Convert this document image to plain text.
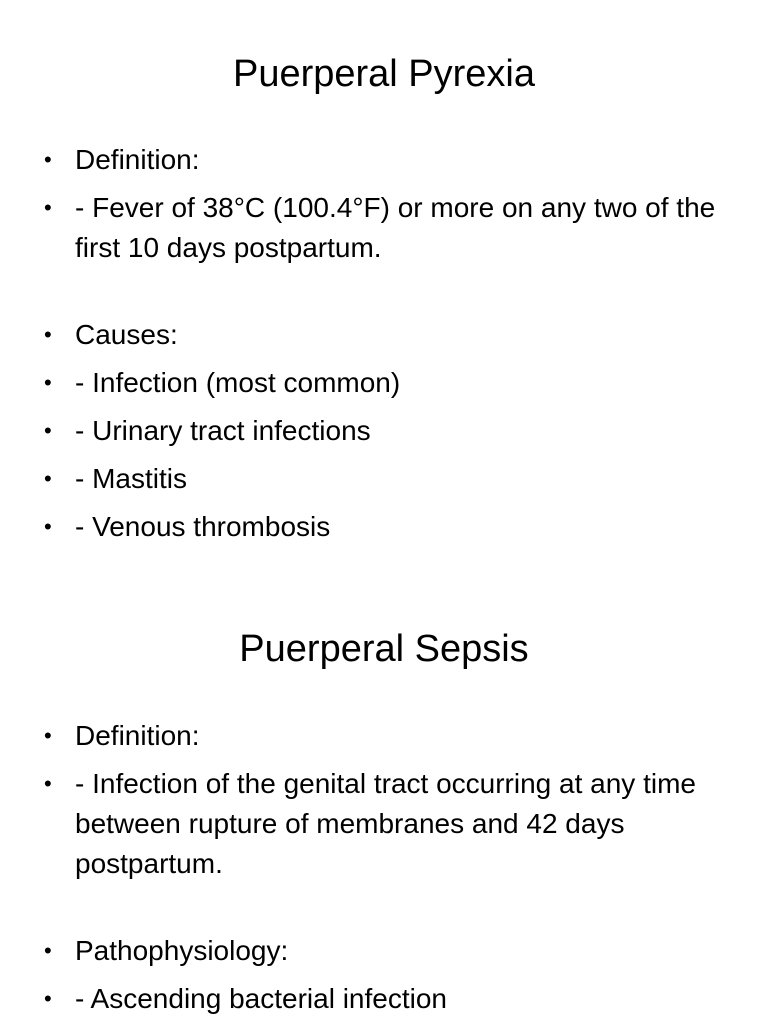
Puerperal Pyrexia
• Definition:
• - Fever of 38°C (100.4°F) or more on any two of the first 10 days postpartum.
• Causes:
• - Infection (most common)
• - Urinary tract infections
• - Mastitis
• - Venous thrombosis
Puerperal Sepsis
• Definition:
• - Infection of the genital tract occurring at any time between rupture of membranes and 42 days postpartum.
• Pathophysiology:
• - Ascending bacterial infection
